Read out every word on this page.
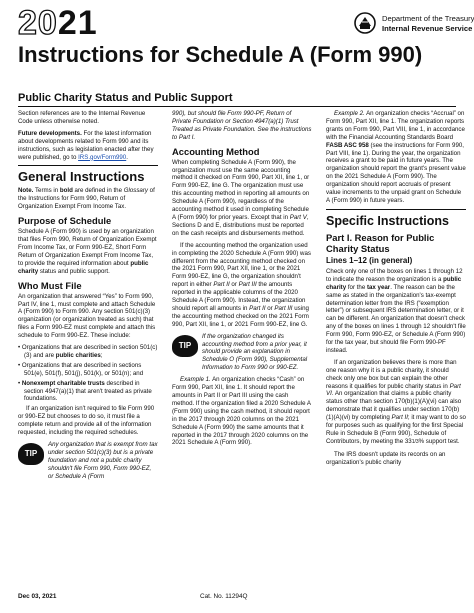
2021	Department of the Treasury
Internal Revenue Service
Instructions for Schedule A (Form 990)
Public Charity Status and Public Support

Section references are to the Internal Revenue Code unless otherwise noted.

Future developments. For the latest information about developments related to Form 990 and its instructions, such as legislation enacted after they were published, go to IRS.gov/Form990.

General Instructions

Note. Terms in bold are defined in the Glossary of the Instructions for Form 990, Return of Organization Exempt From Income Tax.

Purpose of Schedule

Schedule A (Form 990) is used by an organization that files Form 990, Return of Organization Exempt From Income Tax, or Form 990-EZ, Short Form Return of Organization Exempt From Income Tax, to provide the required information about public charity status and public support.

Who Must File

An organization that answered “Yes” to Form 990, Part IV, line 1, must complete and attach Schedule A (Form 990) to Form 990. Any section 501(c)(3) organization (or organization treated as such) that files a Form 990-EZ must complete and attach this schedule to Form 990-EZ. These include:

• Organizations that are described in section 501(c)(3) and are public charities;

• Organizations that are described in sections 501(e), 501(f), 501(j), 501(k), or 501(n); and

• Nonexempt charitable trusts described in section 4947(a)(1) that aren't treated as private foundations.

If an organization isn't required to file Form 990 or 990-EZ but chooses to do so, it must file a complete return and provide all of the information requested, including the required schedules.

TIP
Any organization that is exempt from tax under section 501(c)(3) but is a private foundation and not a public charity shouldn't file Form 990, Form 990-EZ, or Schedule A (Form

990), but should file Form 990-PF, Return of Private Foundation or Section 4947(a)(1) Trust Treated as Private Foundation. See the instructions to Part I.

Accounting Method

When completing Schedule A (Form 990), the organization must use the same accounting method it checked on Form 990, Part XII, line 1, or Form 990-EZ, line G. The organization must use this accounting method in reporting all amounts on Schedule A (Form 990), regardless of the accounting method it used in completing Schedule A (Form 990) for prior years. Except that in Part V, Sections D and E, distributions must be reported on the cash receipts and disbursements method.

If the accounting method the organization used in completing the 2020 Schedule A (Form 990) was different from the accounting method checked on the 2021 Form 990, Part XII, line 1, or the 2021 Form 990-EZ, line G, the organization shouldn't report in either Part II or Part III the amounts reported in the applicable columns of the 2020 Schedule A (Form 990). Instead, the organization should report all amounts in Part II or Part III using the accounting method checked on the 2021 Form 990, Part XII, line 1, or 2021 Form 990-EZ, line G.

TIP
If the organization changed its accounting method from a prior year, it should provide an explanation in Schedule O (Form 990), Supplemental Information to Form 990 or 990-EZ.

Example 1. An organization checks “Cash” on Form 990, Part XII, line 1. It should report the amounts in Part II or Part III using the cash method. If the organization filed a 2020 Schedule A (Form 990) using the cash method, it should report in the 2017 through 2020 columns on the 2021 Schedule A (Form 990) the same amounts that it reported in the 2017 through 2020 columns on the 2021 Schedule A (Form 990).

Example 2. An organization checks “Accrual” on Form 990, Part XII, line 1. The organization reports grants on Form 990, Part VIII, line 1, in accordance with the Financial Accounting Standards Board FASB ASC 958 (see the instructions for Form 990, Part VIII, line 1). During the year, the organization receives a grant to be paid in future years. The organization should report the grant's present value on the 2021 Schedule A (Form 990). The organization should report accruals of present value increments to the unpaid grant on Schedule A (Form 990) in future years.

Specific Instructions
Part I. Reason for Public Charity Status
Lines 1–12 (in general)

Check only one of the boxes on lines 1 through 12 to indicate the reason the organization is a public charity for the tax year. The reason can be the same as stated in the organization's tax-exempt determination letter from the IRS (“exemption letter”) or subsequent IRS determination letter, or it can be different. An organization that doesn't check any of the boxes on lines 1 through 12 shouldn't file Form 990, Form 990-EZ, or Schedule A (Form 990) for the tax year, but should file Form 990-PF instead.

If an organization believes there is more than one reason why it is a public charity, it should check only one box but can explain the other reasons it qualifies for public charity status in Part VI. An organization that claims a public charity status other than section 170(b)(1)(A)(vi) can also demonstrate that it qualifies under section 170(b)(1)(A)(vi) by completing Part II; it may want to do so for purposes such as qualifying for the first Special Rule in Schedule B (Form 990), Schedule of Contributors, by meeting the 331/3% support test.

The IRS doesn't update its records on an organization's public charity

Dec 03, 2021	Cat. No. 11294Q
